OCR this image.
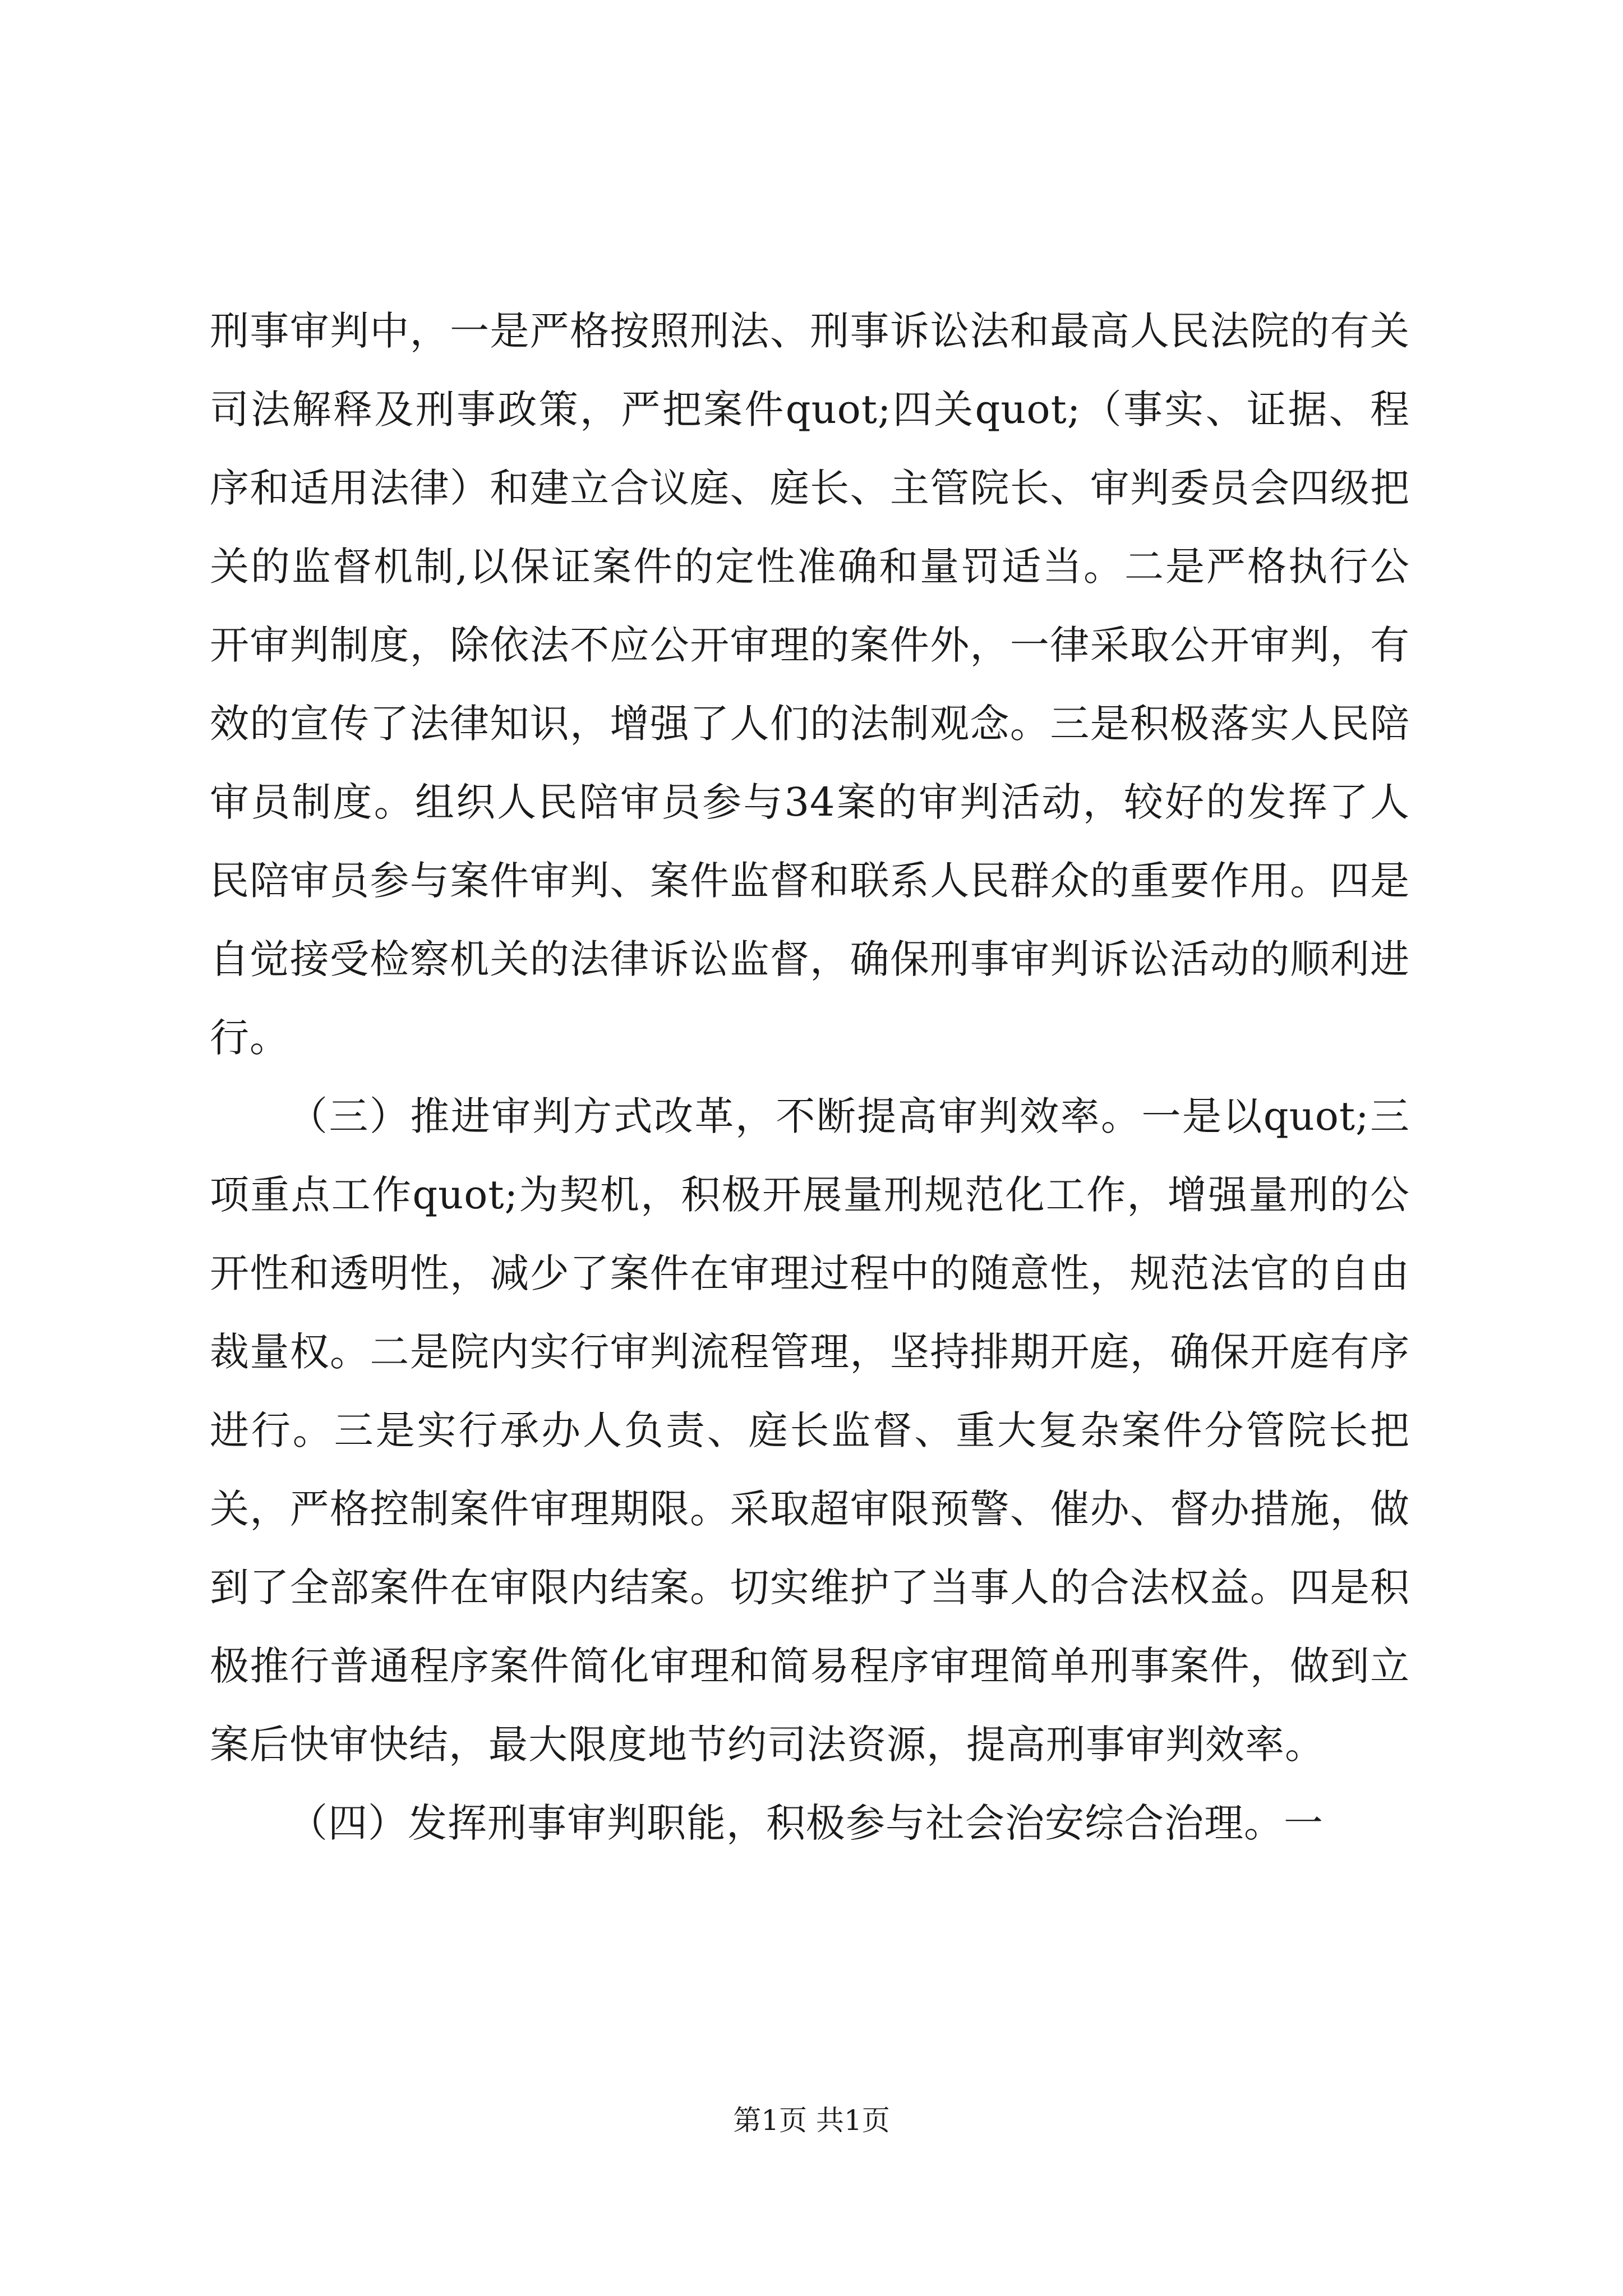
刑事审判中，一是严格按照刑法、刑事诉讼法和最高人民法院的有关司法解释及刑事政策，严把案件quot;四关quot;（事实、证据、程序和适用法律）和建立合议庭、庭长、主管院长、审判委员会四级把关的监督机制,以保证案件的定性准确和量罚适当。二是严格执行公开审判制度，除依法不应公开审理的案件外，一律采取公开审判，有效的宣传了法律知识，增强了人们的法制观念。三是积极落实人民陪审员制度。组织人民陪审员参与34案的审判活动，较好的发挥了人民陪审员参与案件审判、案件监督和联系人民群众的重要作用。四是自觉接受检察机关的法律诉讼监督，确保刑事审判诉讼活动的顺利进行。

（三）推进审判方式改革，不断提高审判效率。一是以quot;三项重点工作quot;为契机，积极开展量刑规范化工作，增强量刑的公开性和透明性，减少了案件在审理过程中的随意性，规范法官的自由裁量权。二是院内实行审判流程管理，坚持排期开庭，确保开庭有序进行。三是实行承办人负责、庭长监督、重大复杂案件分管院长把关，严格控制案件审理期限。采取超审限预警、催办、督办措施，做到了全部案件在审限内结案。切实维护了当事人的合法权益。四是积极推行普通程序案件简化审理和简易程序审理简单刑事案件，做到立案后快审快结，最大限度地节约司法资源，提高刑事审判效率。

（四）发挥刑事审判职能，积极参与社会治安综合治理。一

第1页 共1页
